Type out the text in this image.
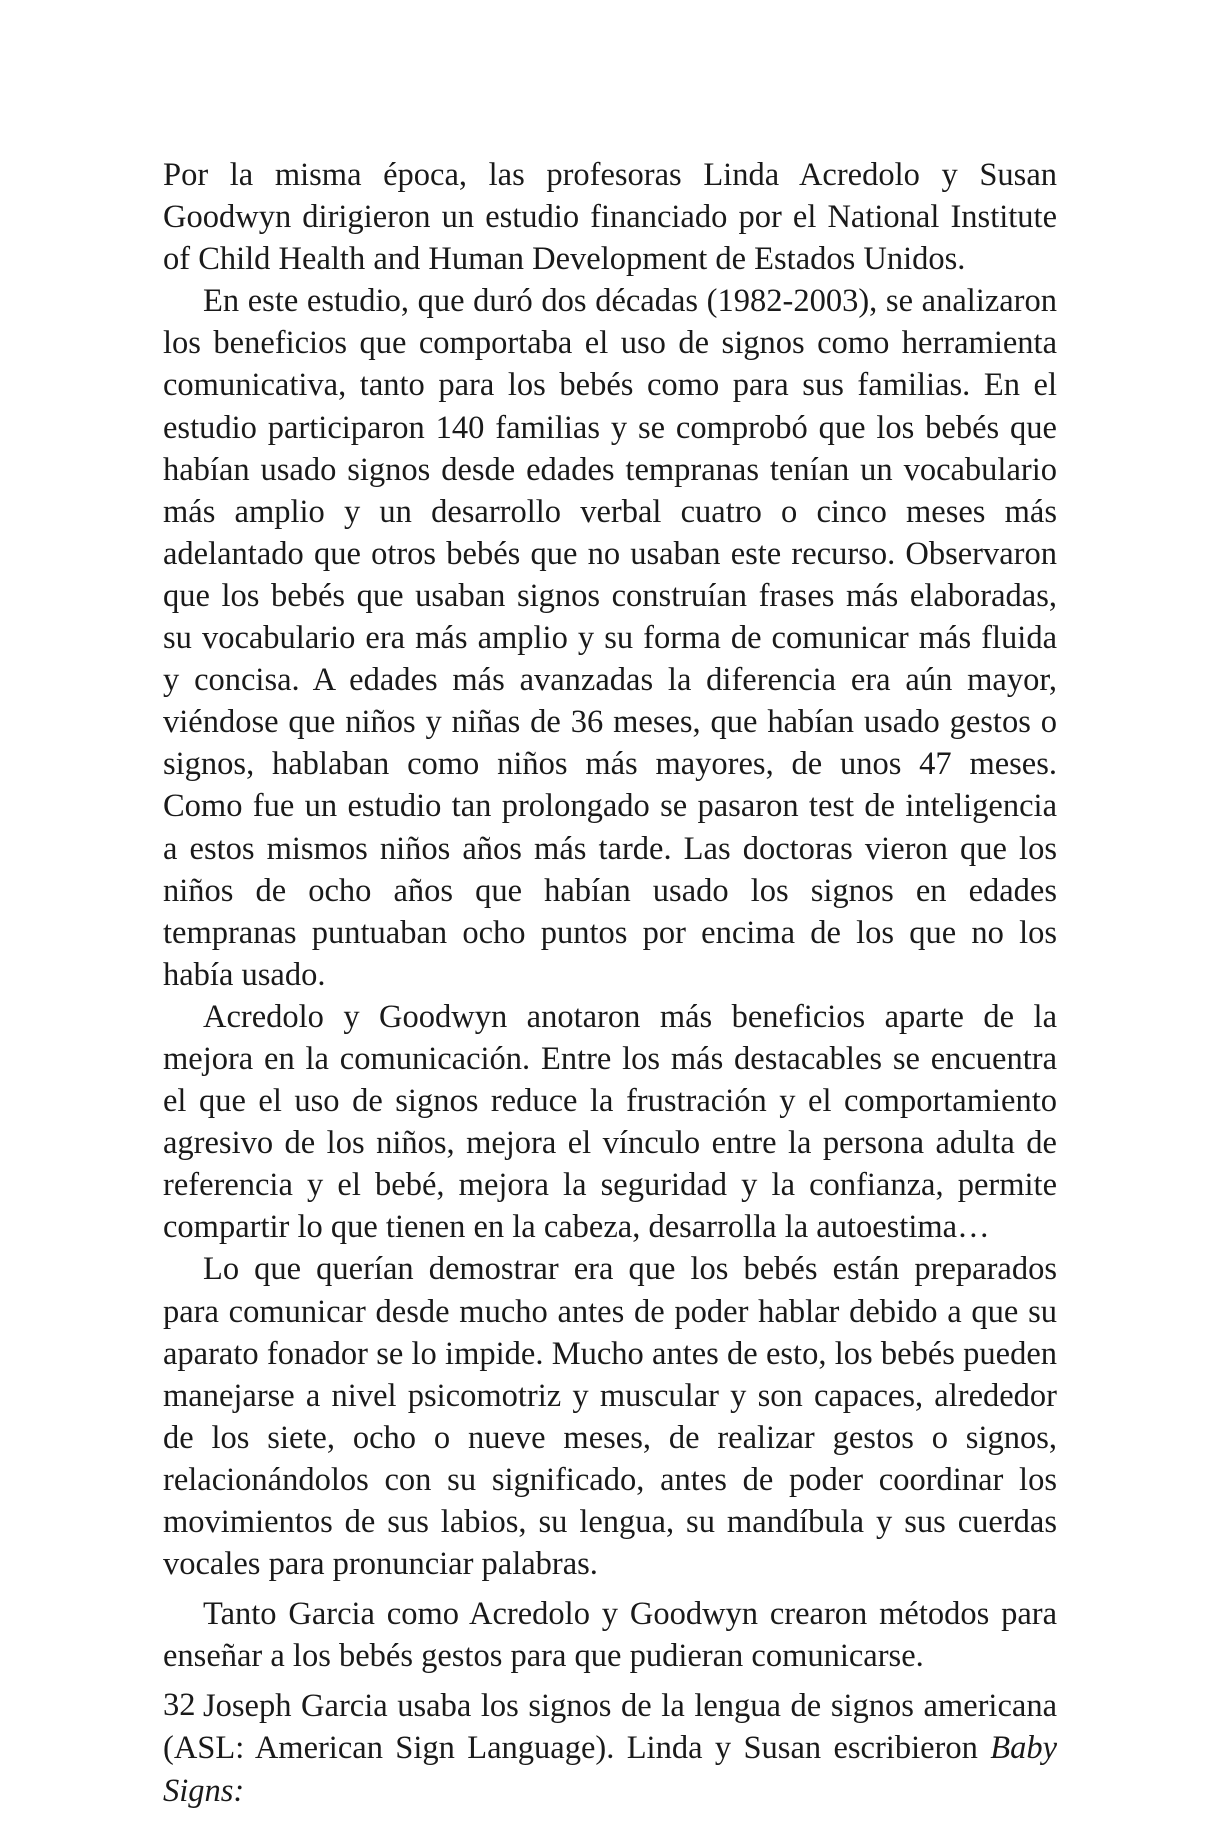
Por la misma época, las profesoras Linda Acredolo y Susan Goodwyn dirigieron un estudio financiado por el National Institute of Child Health and Human Development de Estados Unidos.

En este estudio, que duró dos décadas (1982-2003), se analizaron los beneficios que comportaba el uso de signos como herramienta comunicativa, tanto para los bebés como para sus familias. En el estudio participaron 140 familias y se comprobó que los bebés que habían usado signos desde edades tempranas tenían un vocabulario más amplio y un desarrollo verbal cuatro o cinco meses más adelantado que otros bebés que no usaban este recurso. Observaron que los bebés que usaban signos construían frases más elaboradas, su vocabulario era más amplio y su forma de comunicar más fluida y concisa. A edades más avanzadas la diferencia era aún mayor, viéndose que niños y niñas de 36 meses, que habían usado gestos o signos, hablaban como niños más mayores, de unos 47 meses. Como fue un estudio tan prolongado se pasaron test de inteligencia a estos mismos niños años más tarde. Las doctoras vieron que los niños de ocho años que habían usado los signos en edades tempranas puntuaban ocho puntos por encima de los que no los había usado.

Acredolo y Goodwyn anotaron más beneficios aparte de la mejora en la comunicación. Entre los más destacables se encuentra el que el uso de signos reduce la frustración y el comportamiento agresivo de los niños, mejora el vínculo entre la persona adulta de referencia y el bebé, mejora la seguridad y la confianza, permite compartir lo que tienen en la cabeza, desarrolla la autoestima…

Lo que querían demostrar era que los bebés están preparados para comunicar desde mucho antes de poder hablar debido a que su aparato fonador se lo impide. Mucho antes de esto, los bebés pueden manejarse a nivel psicomotriz y muscular y son capaces, alrededor de los siete, ocho o nueve meses, de realizar gestos o signos, relacionándolos con su significado, antes de poder coordinar los movimientos de sus labios, su lengua, su mandíbula y sus cuerdas vocales para pronunciar palabras.

Tanto Garcia como Acredolo y Goodwyn crearon métodos para enseñar a los bebés gestos para que pudieran comunicarse.

Joseph Garcia usaba los signos de la lengua de signos americana (ASL: American Sign Language). Linda y Susan escribieron Baby Signs:

32
